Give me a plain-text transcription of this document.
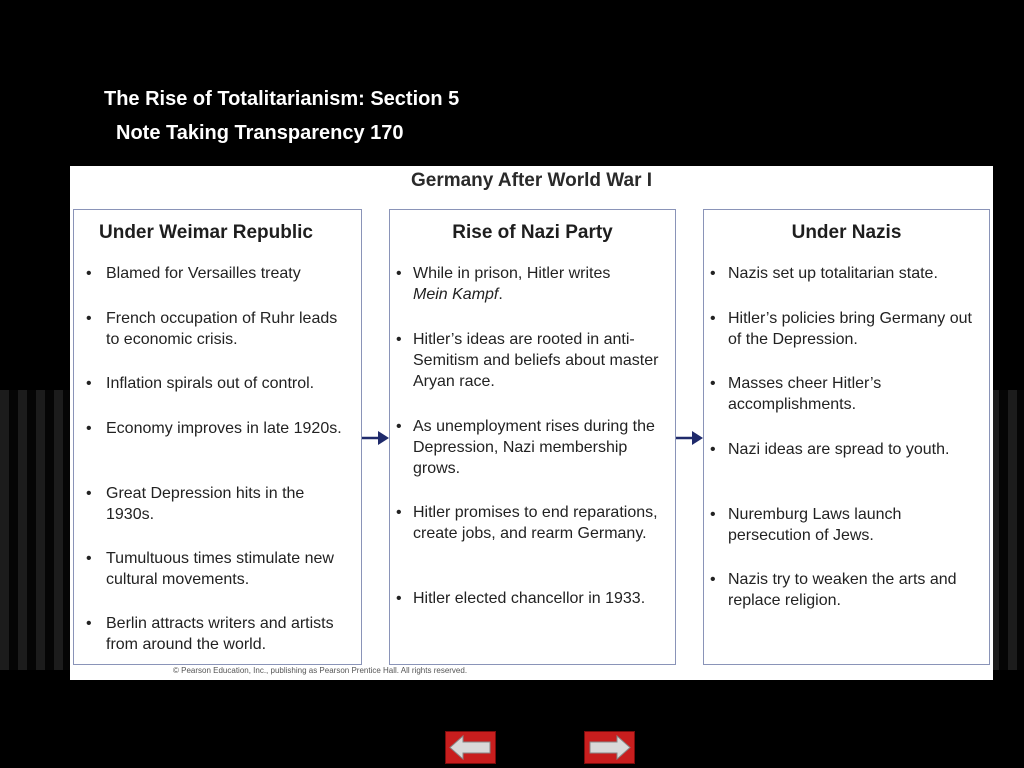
The Rise of Totalitarianism: Section 5
Note Taking Transparency 170
Germany After World War I
Under Weimar Republic
• Blamed for Versailles treaty
• French occupation of Ruhr leads to economic crisis.
• Inflation spirals out of control.
• Economy improves in late 1920s.
• Great Depression hits in the 1930s.
• Tumultuous times stimulate new cultural movements.
• Berlin attracts writers and artists from around the world.
Rise of Nazi Party
• While in prison, Hitler writes
Mein Kampf.
• Hitler’s ideas are rooted in anti-Semitism and beliefs about master Aryan race.
• As unemployment rises during the Depression, Nazi membership grows.
• Hitler promises to end reparations, create jobs, and rearm Germany.
• Hitler elected chancellor in 1933.
Under Nazis
• Nazis set up totalitarian state.
• Hitler’s policies bring Germany out of the Depression.
• Masses cheer Hitler’s accomplishments.
• Nazi ideas are spread to youth.
• Nuremburg Laws launch persecution of Jews.
• Nazis try to weaken the arts and replace religion.
© Pearson Education, Inc., publishing as Pearson Prentice Hall. All rights reserved.
